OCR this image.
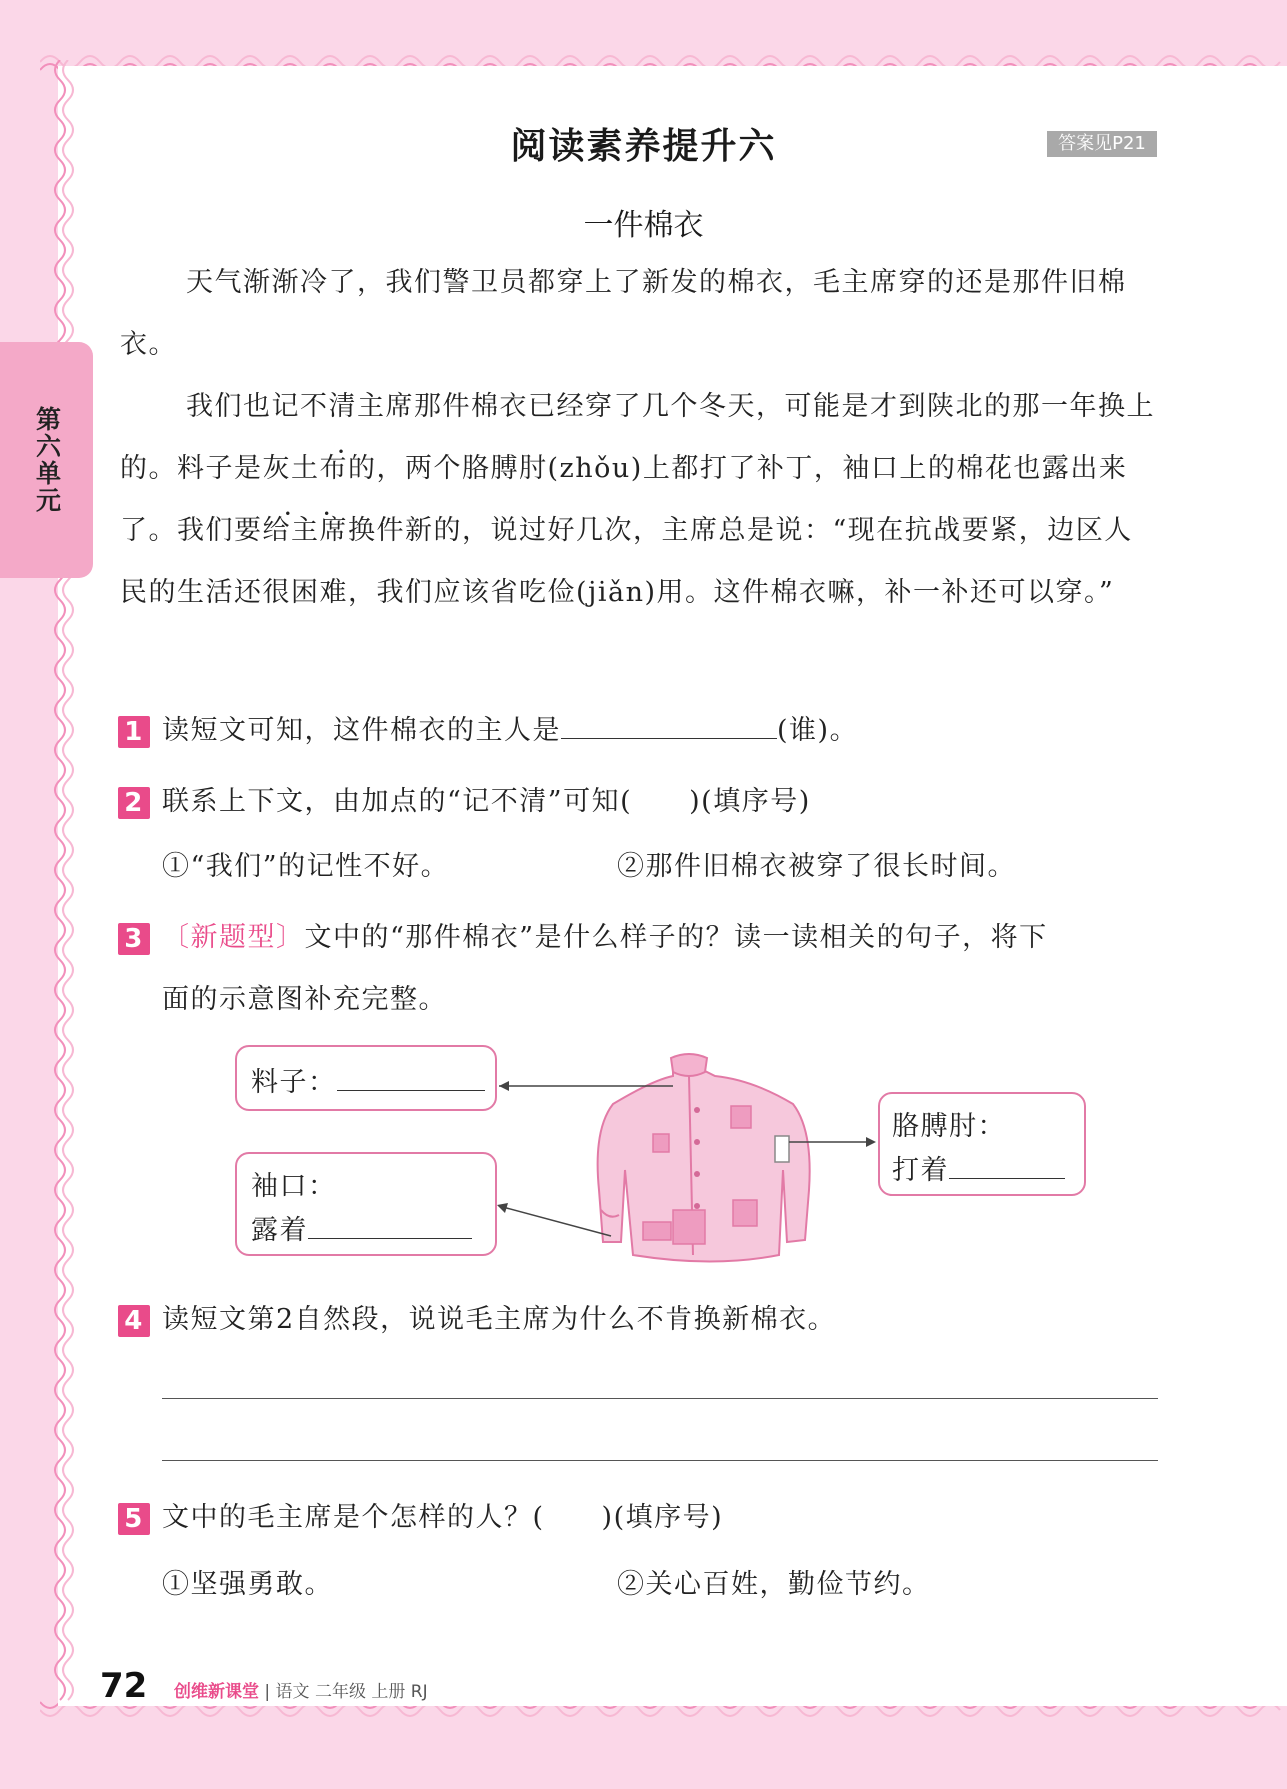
第六单元
阅读素养提升六	答案见P21
一件棉衣

天气渐渐冷了，我们警卫员都穿上了新发的棉衣，毛主席穿的还是那件旧棉衣。

我们也记不清 • • •主席那件棉衣已经穿了几个冬天，可能是才到陕北的那一年换上的。料子是灰土布的，两个胳膊肘(zhǒu)上都打了补丁，袖口上的棉花也露出来了。我们要给主席换件新的，说过好几次，主席总是说：“现在抗战要紧，边区人民的生活还很困难，我们应该省吃俭(jiǎn)用。这件棉衣嘛，补一补还可以穿。”

1 读短文可知，这件棉衣的主人是	(谁)。
2 联系上下文，由加点的“记不清”可知(　　)(填序号)
①“我们”的记性不好。	②那件旧棉衣被穿了很长时间。
3 〔新题型〕文中的“那件棉衣”是什么样子的？读一读相关的句子，将下
面的示意图补充完整。
料子：
袖口：
露着
胳膊肘：
打着
4 读短文第2自然段，说说毛主席为什么不肯换新棉衣。
5 文中的毛主席是个怎样的人？(　　)(填序号)
①坚强勇敢。	②关心百姓，勤俭节约。
72 创维新课堂 | 语文 二年级 上册 RJ
